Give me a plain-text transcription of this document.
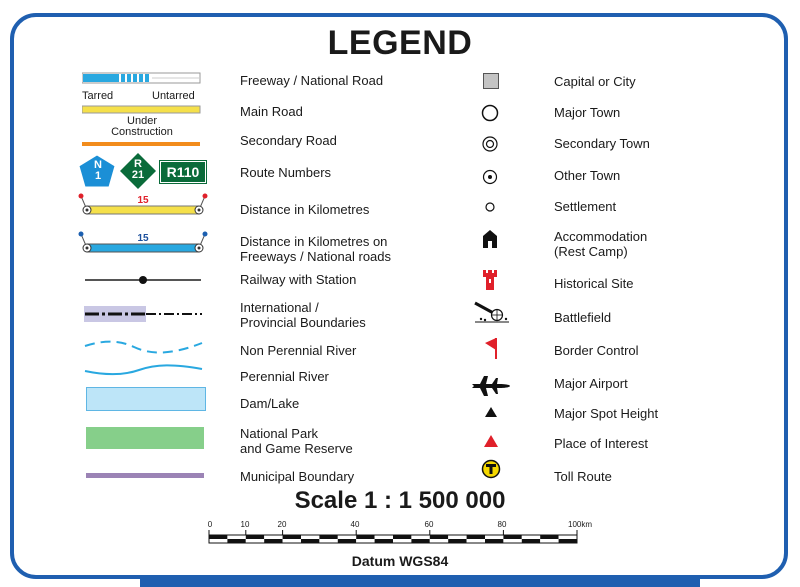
LEGEND
Tarred	Untarred
Under
Construction
N
1
R
21	R110
15
15
Freeway / National Road
Main Road
Secondary Road
Route Numbers
Distance in Kilometres
Distance in Kilometres on
Freeways / National roads
Railway with Station
International /
Provincial Boundaries
Non Perennial River
Perennial River
Dam/Lake
National Park
and Game Reserve
Municipal Boundary
Capital or City
Major Town
Secondary Town
Other Town
Settlement
Accommodation
(Rest Camp)
Historical Site
Battlefield
Border Control
Major Airport
Major Spot Height
Place of Interest
Toll Route
Scale 1 : 1 500 000
0	10	20	40	60	80	100km
Datum WGS84
